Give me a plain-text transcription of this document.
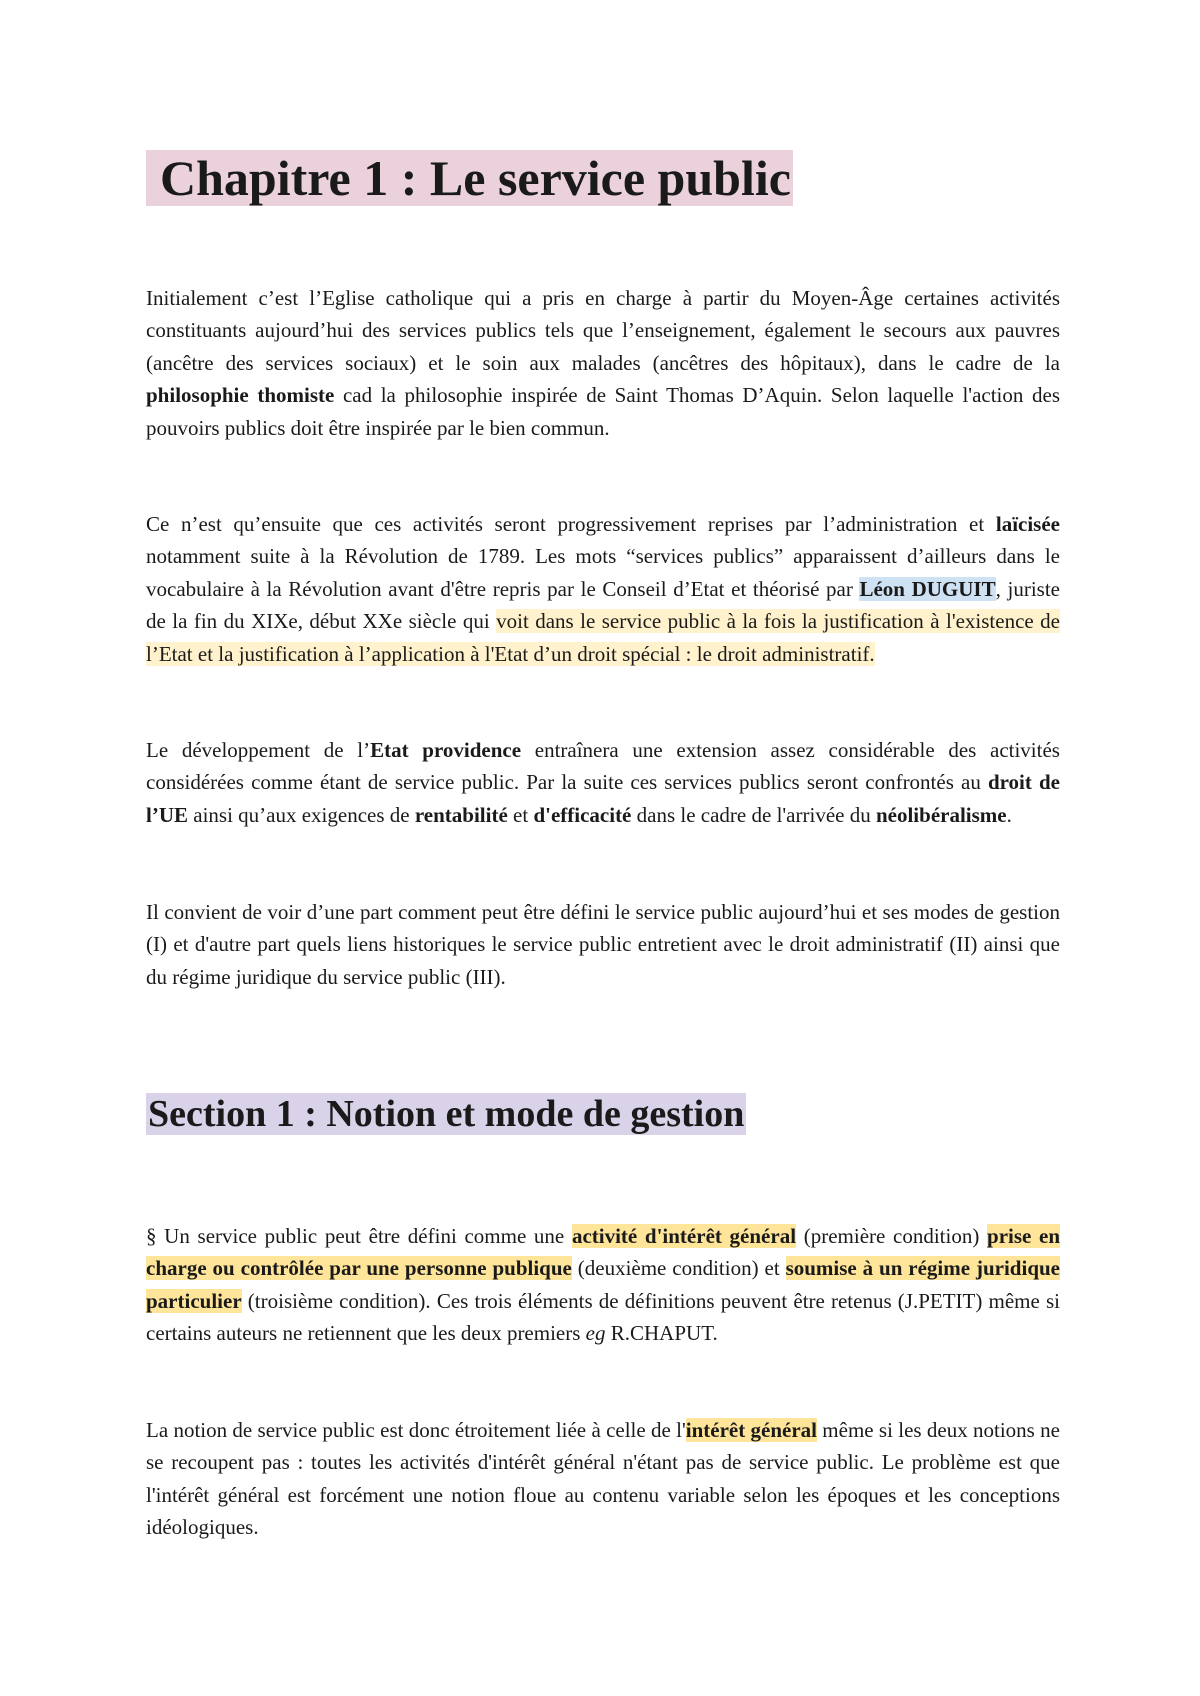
Chapitre 1 : Le service public

Initialement c’est l’Eglise catholique qui a pris en charge à partir du Moyen-Âge certaines activités constituants aujourd’hui des services publics tels que l’enseignement, également le secours aux pauvres (ancêtre des services sociaux) et le soin aux malades (ancêtres des hôpitaux), dans le cadre de la philosophie thomiste cad la philosophie inspirée de Saint Thomas D’Aquin. Selon laquelle l'action des pouvoirs publics doit être inspirée par le bien commun.

Ce n’est qu’ensuite que ces activités seront progressivement reprises par l’administration et laïcisée notamment suite à la Révolution de 1789. Les mots “services publics” apparaissent d’ailleurs dans le vocabulaire à la Révolution avant d'être repris par le Conseil d’Etat et théorisé par Léon DUGUIT, juriste de la fin du XIXe, début XXe siècle qui voit dans le service public à la fois la justification à l'existence de l’Etat et la justification à l’application à l'Etat d’un droit spécial : le droit administratif.

Le développement de l’Etat providence entraînera une extension assez considérable des activités considérées comme étant de service public. Par la suite ces services publics seront confrontés au droit de l’UE ainsi qu’aux exigences de rentabilité et d'efficacité dans le cadre de l'arrivée du néolibéralisme.

Il convient de voir d’une part comment peut être défini le service public aujourd’hui et ses modes de gestion (I) et d'autre part quels liens historiques le service public entretient avec le droit administratif (II) ainsi que du régime juridique du service public (III).

Section 1 : Notion et mode de gestion

§ Un service public peut être défini comme une activité d'intérêt général (première condition) prise en charge ou contrôlée par une personne publique (deuxième condition) et soumise à un régime juridique particulier (troisième condition). Ces trois éléments de définitions peuvent être retenus (J.PETIT) même si certains auteurs ne retiennent que les deux premiers eg R.CHAPUT.

La notion de service public est donc étroitement liée à celle de l'intérêt général même si les deux notions ne se recoupent pas : toutes les activités d'intérêt général n'étant pas de service public. Le problème est que l'intérêt général est forcément une notion floue au contenu variable selon les époques et les conceptions idéologiques.
